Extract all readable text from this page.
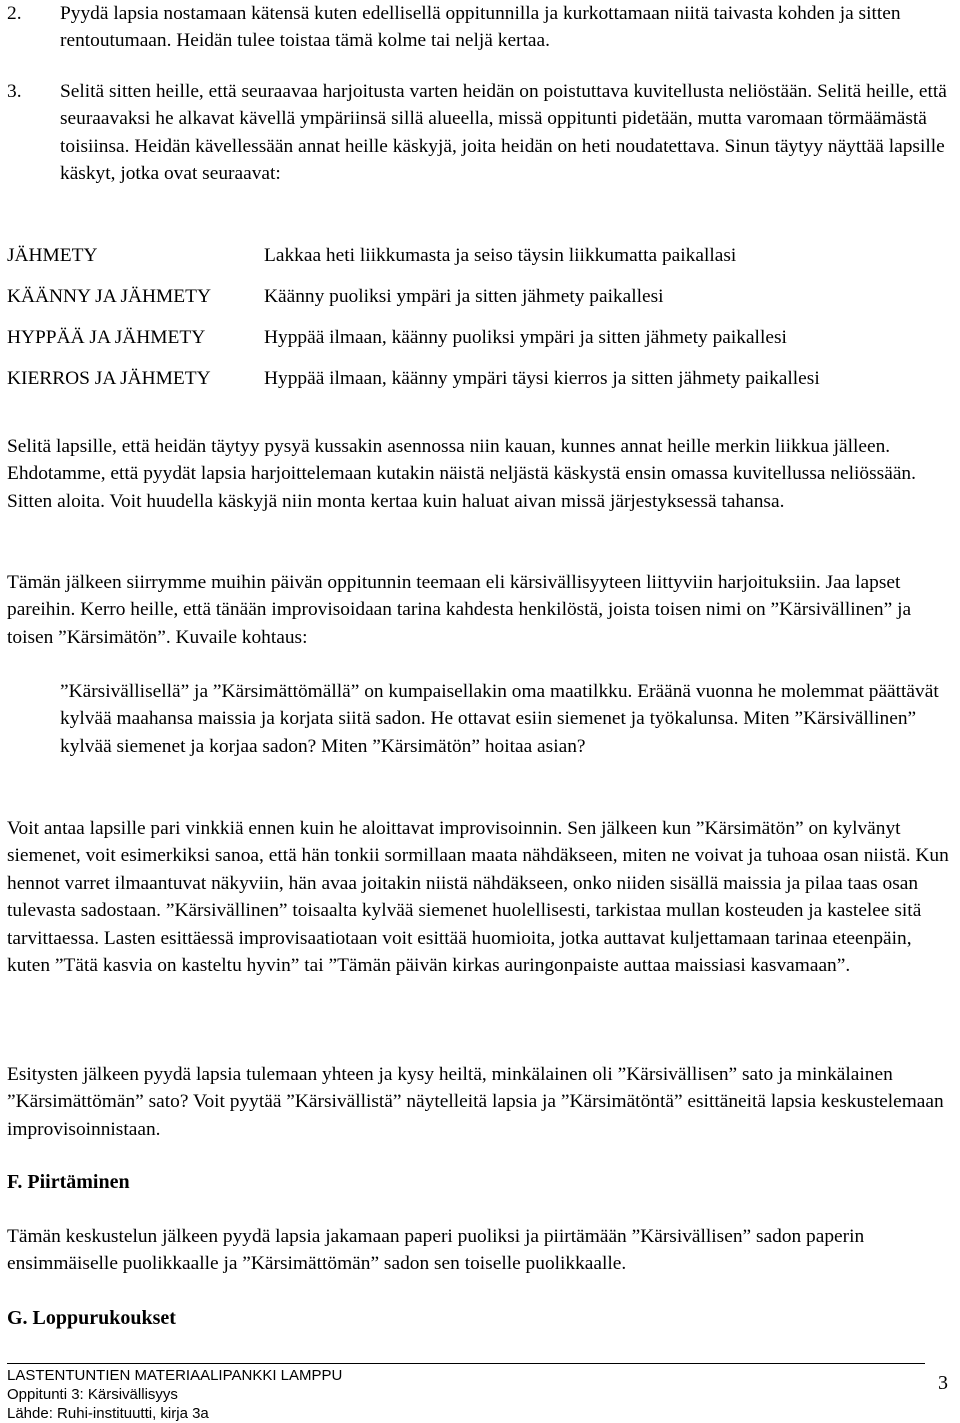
2. Pyydä lapsia nostamaan kätensä kuten edellisellä oppitunnilla ja kurkottamaan niitä taivasta kohden ja sitten rentoutumaan. Heidän tulee toistaa tämä kolme tai neljä kertaa.

3. Selitä sitten heille, että seuraavaa harjoitusta varten heidän on poistuttava kuvitellusta neliöstään. Selitä heille, että seuraavaksi he alkavat kävellä ympäriinsä sillä alueella, missä oppitunti pidetään, mutta varomaan törmäämästä toisiinsa. Heidän kävellessään annat heille käskyjä, joita heidän on heti noudatettava. Sinun täytyy näyttää lapsille käskyt, jotka ovat seuraavat:

JÄHMETY	Lakkaa heti liikkumasta ja seiso täysin liikkumatta paikallasi
KÄÄNNY JA JÄHMETY	Käänny puoliksi ympäri ja sitten jähmety paikallesi
HYPPÄÄ JA JÄHMETY	Hyppää ilmaan, käänny puoliksi ympäri ja sitten jähmety paikallesi
KIERROS JA JÄHMETY	Hyppää ilmaan, käänny ympäri täysi kierros ja sitten jähmety paikallesi

Selitä lapsille, että heidän täytyy pysyä kussakin asennossa niin kauan, kunnes annat heille merkin liikkua jälleen. Ehdotamme, että pyydät lapsia harjoittelemaan kutakin näistä neljästä käskystä ensin omassa kuvitellussa neliössään. Sitten aloita. Voit huudella käskyjä niin monta kertaa kuin haluat aivan missä järjestyksessä tahansa.

Tämän jälkeen siirrymme muihin päivän oppitunnin teemaan eli kärsivällisyyteen liittyviin harjoituksiin. Jaa lapset pareihin. Kerro heille, että tänään improvisoidaan tarina kahdesta henkilöstä, joista toisen nimi on ”Kärsivällinen” ja toisen ”Kärsimätön”. Kuvaile kohtaus:

”Kärsivällisellä” ja ”Kärsimättömällä” on kumpaisellakin oma maatilkku. Eräänä vuonna he molemmat päättävät kylvää maahansa maissia ja korjata siitä sadon. He ottavat esiin siemenet ja työkalunsa. Miten ”Kärsivällinen” kylvää siemenet ja korjaa sadon? Miten ”Kärsimätön” hoitaa asian?

Voit antaa lapsille pari vinkkiä ennen kuin he aloittavat improvisoinnin. Sen jälkeen kun ”Kärsimätön” on kylvänyt siemenet, voit esimerkiksi sanoa, että hän tonkii sormillaan maata nähdäkseen, miten ne voivat ja tuhoaa osan niistä. Kun hennot varret ilmaantuvat näkyviin, hän avaa joitakin niistä nähdäkseen, onko niiden sisällä maissia ja pilaa taas osan tulevasta sadostaan. ”Kärsivällinen” toisaalta kylvää siemenet huolellisesti, tarkistaa mullan kosteuden ja kastelee sitä tarvittaessa. Lasten esittäessä improvisaatiotaan voit esittää huomioita, jotka auttavat kuljettamaan tarinaa eteenpäin, kuten ”Tätä kasvia on kasteltu hyvin” tai ”Tämän päivän kirkas auringonpaiste auttaa maissiasi kasvamaan”.

Esitysten jälkeen pyydä lapsia tulemaan yhteen ja kysy heiltä, minkälainen oli ”Kärsivällisen” sato ja minkälainen ”Kärsimättömän” sato? Voit pyytää ”Kärsivällistä” näytelleitä lapsia ja ”Kärsimätöntä” esittäneitä lapsia keskustelemaan improvisoinnistaan.

F. Piirtäminen

Tämän keskustelun jälkeen pyydä lapsia jakamaan paperi puoliksi ja piirtämään ”Kärsivällisen” sadon paperin ensimmäiselle puolikkaalle ja ”Kärsimättömän” sadon sen toiselle puolikkaalle.

G. Loppurukoukset
LASTENTUNTIEN MATERIAALIPANKKI LAMPPU
Oppitunti 3: Kärsivällisyys
Lähde: Ruhi-instituutti, kirja 3a
3
